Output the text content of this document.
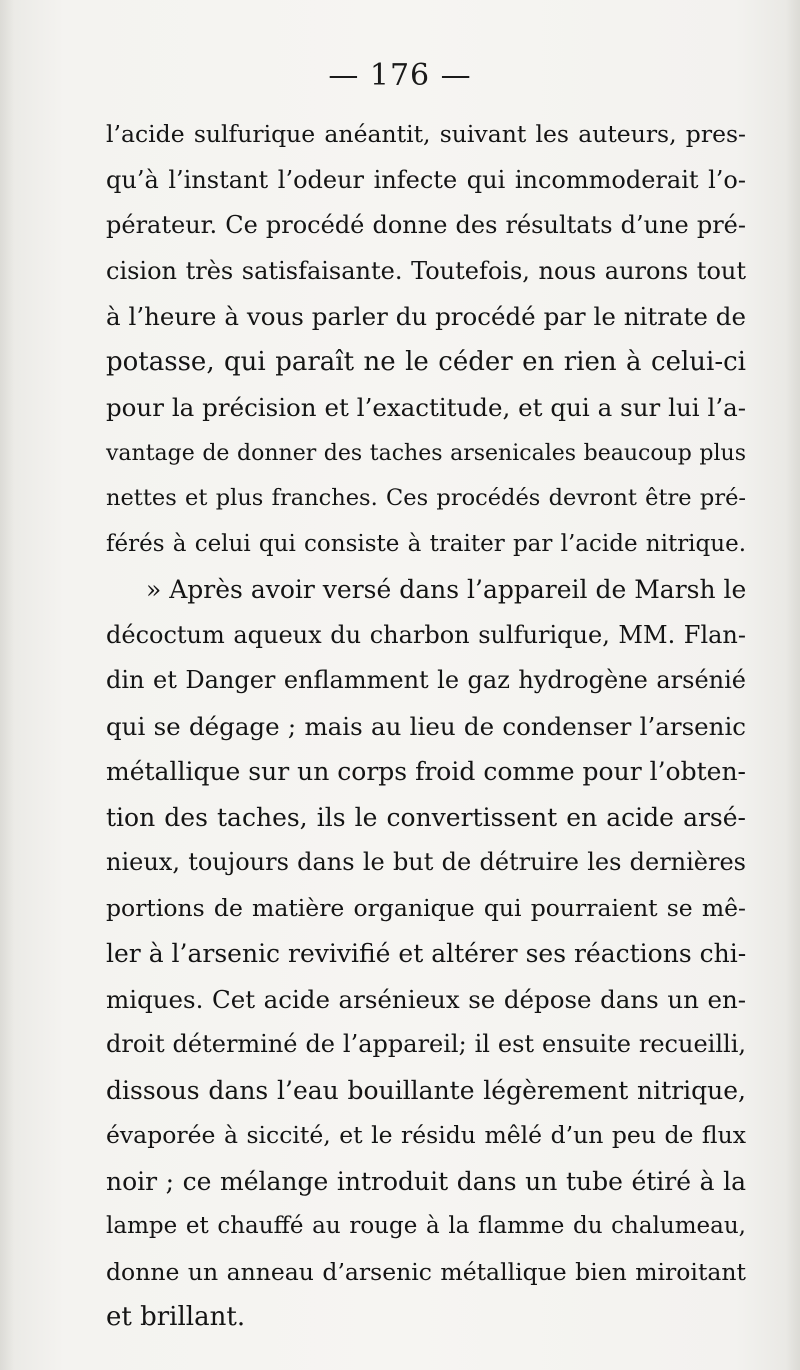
— 176 —
l’acide sulfurique anéantit, suivant les auteurs, pres-
qu’à l’instant l’odeur infecte qui incommoderait l’o-
pérateur. Ce procédé donne des résultats d’une pré-
cision très satisfaisante. Toutefois, nous aurons tout
à l’heure à vous parler du procédé par le nitrate de
potasse, qui paraît ne le céder en rien à celui-ci
pour la précision et l’exactitude, et qui a sur lui l’a-
vantage de donner des taches arsenicales beaucoup plus
nettes et plus franches. Ces procédés devront être pré-
férés à celui qui consiste à traiter par l’acide nitrique.
» Après avoir versé dans l’appareil de Marsh le
décoctum aqueux du charbon sulfurique, MM. Flan-
din et Danger enflamment le gaz hydrogène arsénié
qui se dégage ; mais au lieu de condenser l’arsenic
métallique sur un corps froid comme pour l’obten-
tion des taches, ils le convertissent en acide arsé-
nieux, toujours dans le but de détruire les dernières
portions de matière organique qui pourraient se mê-
ler à l’arsenic revivifié et altérer ses réactions chi-
miques. Cet acide arsénieux se dépose dans un en-
droit déterminé de l’appareil; il est ensuite recueilli,
dissous dans l’eau bouillante légèrement nitrique,
évaporée à siccité, et le résidu mêlé d’un peu de flux
noir ; ce mélange introduit dans un tube étiré à la
lampe et chauffé au rouge à la flamme du chalumeau,
donne un anneau d’arsenic métallique bien miroitant
et brillant.
